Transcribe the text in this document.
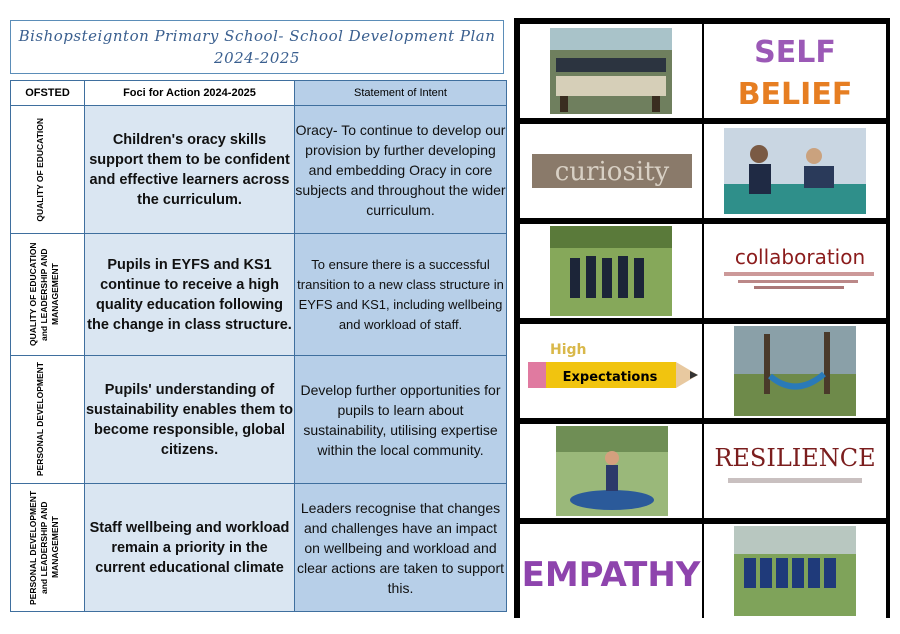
Bishopsteignton Primary School- School Development Plan
2024-2025
OFSTED	Foci for Action 2024-2025	Statement of Intent

QUALITY OF EDUCATION	Children's oracy skills support them to be confident and effective learners across the curriculum.	Oracy- To continue to develop our provision by further developing and embedding Oracy in core subjects and throughout the wider curriculum.

QUALITY OF EDUCATION and LEADERSHIP AND MANAGEMENT	Pupils in EYFS and KS1 continue to receive a high quality education following the change in class structure.	To ensure there is a successful transition to a new class structure in EYFS and KS1, including wellbeing and workload of staff.

PERSONAL DEVELOPMENT	Pupils' understanding of sustainability enables them to become responsible, global citizens.	Develop further opportunities for pupils to learn about sustainability, utilising expertise within the local community.

PERSONAL DEVELOPMENT and LEADERSHIP AND MANAGEMENT	Staff wellbeing and workload remain a priority in the current educational climate	Leaders recognise that changes and challenges have an impact on wellbeing and workload and clear actions are taken to support this.
SELF
BELIEF
curiosity
collaboration
High
Expectations
RESILIENCE
EMPATHY
